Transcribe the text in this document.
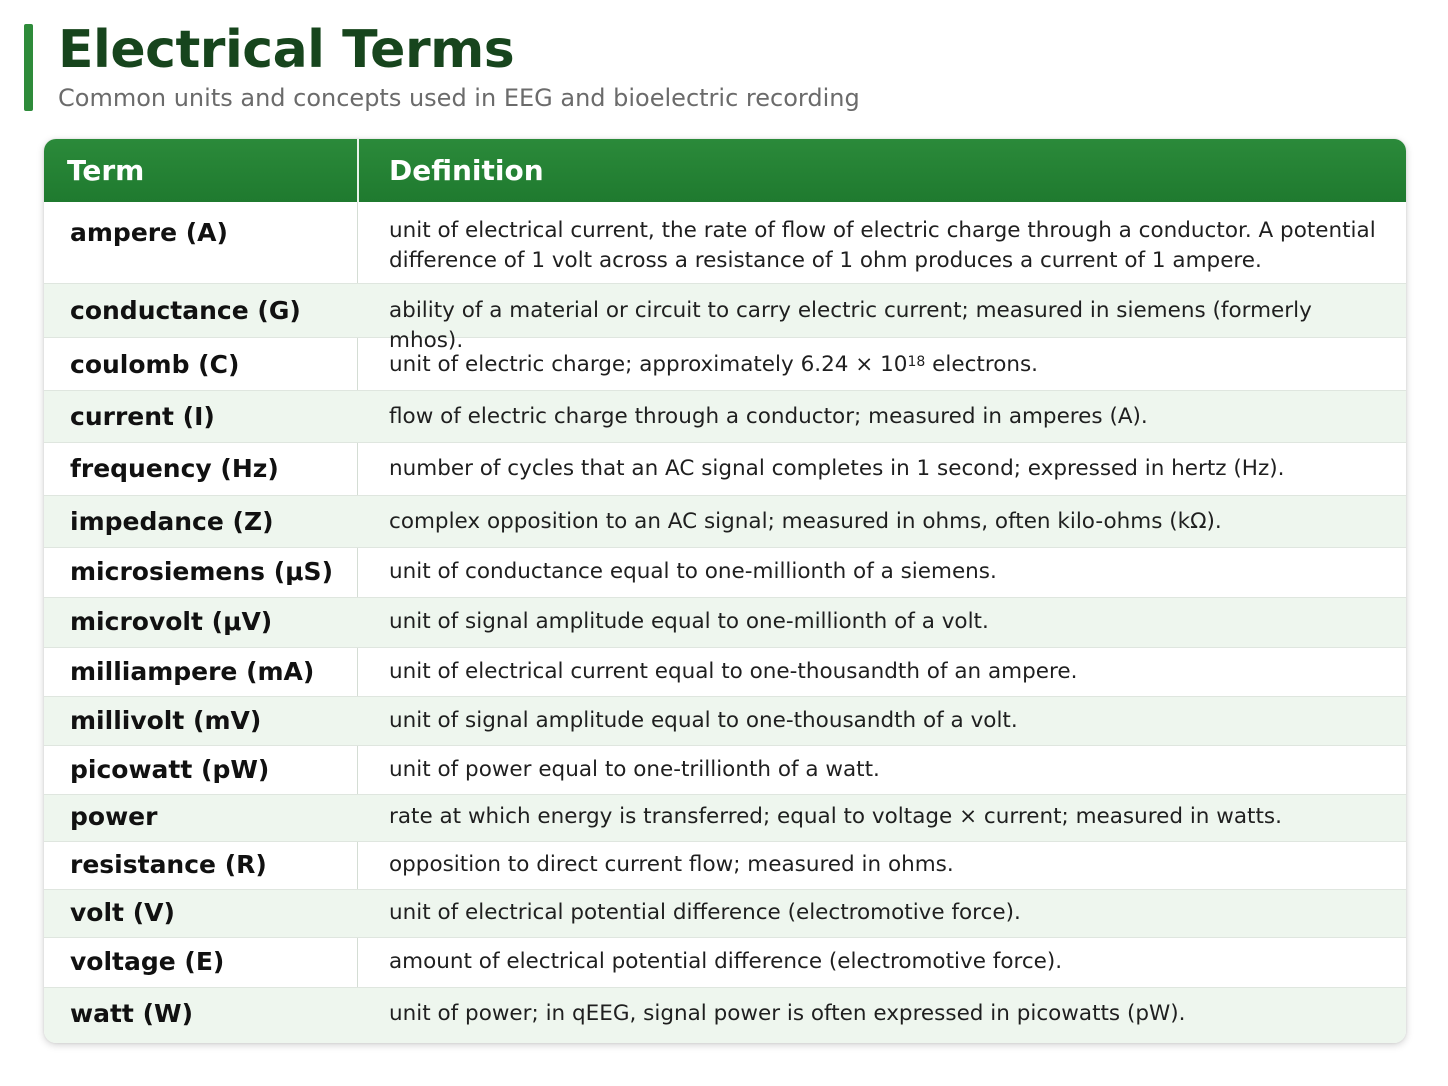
Electrical Terms
Common units and concepts used in EEG and bioelectric recording
Term	Definition
ampere (A)	unit of electrical current, the rate of flow of electric charge through a conductor. A potential difference of 1 volt across a resistance of 1 ohm produces a current of 1 ampere.
conductance (G)	ability of a material or circuit to carry electric current; measured in siemens (formerly mhos).
coulomb (C)	unit of electric charge; approximately $6.24 \times 10^{18}$ electrons.
current (I)	flow of electric charge through a conductor; measured in amperes (A).
frequency (Hz)	number of cycles that an AC signal completes in 1 second; expressed in hertz (Hz).
impedance (Z)	complex opposition to an AC signal; measured in ohms, often kilo-ohms (kΩ).
microsiemens (μS)	unit of conductance equal to one-millionth of a siemens.
microvolt (μV)	unit of signal amplitude equal to one-millionth of a volt.
milliampere (mA)	unit of electrical current equal to one-thousandth of an ampere.
millivolt (mV)	unit of signal amplitude equal to one-thousandth of a volt.
picowatt (pW)	unit of power equal to one-trillionth of a watt.
power	rate at which energy is transferred; equal to voltage × current; measured in watts.
resistance (R)	opposition to direct current flow; measured in ohms.
volt (V)	unit of electrical potential difference (electromotive force).
voltage (E)	amount of electrical potential difference (electromotive force).
watt (W)	unit of power; in qEEG, signal power is often expressed in picowatts (pW).
